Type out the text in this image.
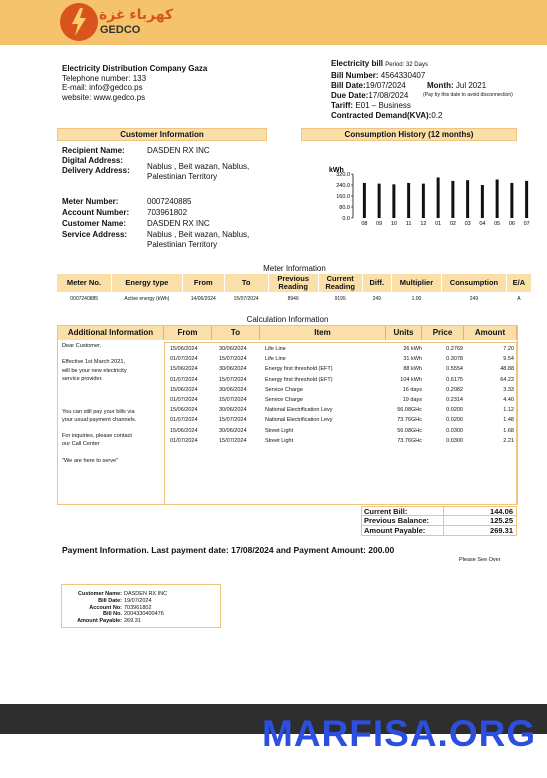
كهرباء غزة
GEDCO
Electricity Distribution Company Gaza
Telephone number: 133
E-mail: info@gedco.ps
website: www.gedco.ps
Electricity bill Period: 32 Days
Bill Number: 4564330407
Bill Date:19/07/2024	Month: Jul 2021
Due Date:17/08/2024	(Pay by this date to avoid disconnection)
Tariff: E01 – Business
Contracted Demand(KVA):0.2
Customer Information
Recipient Name:	DASDEN RX INC
Digital Address:
Delivery Address: Nablus , Beit wazan, Nablus, Palestinian Territory
Meter Number:	0007240885
Account Number: 703961802
Customer Name:	DASDEN RX INC
Service Address: Nablus , Beit wazan, Nablus, Palestinian Territory
Consumption History (12 months)
kWh
0.0
80.0
160.0
240.0
320.0
08 09 10 11 12 01 02 03 04 05 06 07
Meter Information
Meter No.	Energy type	From	To	Previous Reading	Current Reading	Diff.	Multiplier	Consumption	E/A
0007240885	Active energy (kWh)	14/06/2024	15/07/2024	8946	9195	249	1.00	249	A
Calculation Information
Additional Information	From	To	Item	Units	Price	Amount
Dear Customer,
Effective 1st March 2021,
will be your new electricity
service provider.
You can still pay your bills via
your usual payment channels.
For inquiries, please contact
our Call Center
"We are here to serve"
15/06/2024	30/06/2024	Life Line	26 kWh	0.2769	7.20
01/07/2024	15/07/2024	Life Line	31 kWh	0.3078	9.54
15/06/2024	30/06/2024	Energy first threshold (EFT)	88 kWh	0.5554	48.88
01/07/2024	15/07/2024	Energy first threshold (EFT)	104 kWh	0.6175	64.22
15/06/2024	30/06/2024	Service Charge	16 days	0.2082	3.33
01/07/2024	15/07/2024	Service Charge	19 days	0.2314	4.40
15/06/2024	30/06/2024	National Electrification Levy	56.08GHc	0.0200	1.12
01/07/2024	15/07/2024	National Electrification Levy	73.76GHc	0.0200	1.48
15/06/2024	30/06/2024	Street Light	56.08GHc	0.0300	1.68
01/07/2024	15/07/2024	Street Light	73.76GHc	0.0300	2.21
Current Bill:	144.06
Previous Balance:	125.25
Amount Payable:	269.31
Payment Information. Last payment date: 17/08/2024 and Payment Amount: 200.00
Please See Over
Customer Name: DASDEN RX INC
Bill Date: 19/07/2024
Account No: 703961802
Bill No. 2004330400476
Amount Payable: 269.31
MARFISA.ORG
